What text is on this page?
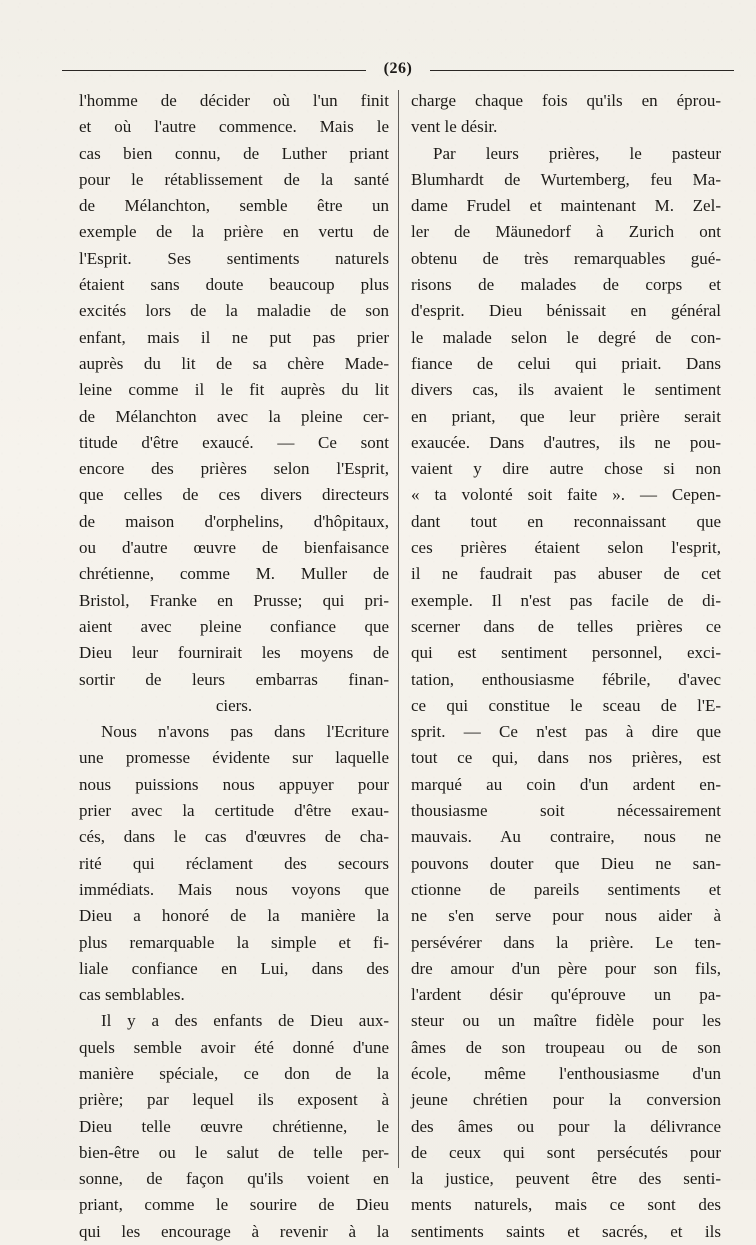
(26)
l'homme de décider où l'un finit
et où l'autre commence. Mais le
cas bien connu, de Luther priant
pour le rétablissement de la santé
de Mélanchton, semble être un
exemple de la prière en vertu de
l'Esprit. Ses sentiments naturels
étaient sans doute beaucoup plus
excités lors de la maladie de son
enfant, mais il ne put pas prier
auprès du lit de sa chère Made-
leine comme il le fit auprès du lit
de Mélanchton avec la pleine cer-
titude d'être exaucé. — Ce sont
encore des prières selon l'Esprit,
que celles de ces divers directeurs
de maison d'orphelins, d'hôpitaux,
ou d'autre œuvre de bienfaisance
chrétienne, comme M. Muller de
Bristol, Franke en Prusse; qui pri-
aient avec pleine confiance que
Dieu leur fournirait les moyens de
sortir de leurs embarras finan-
ciers.
Nous n'avons pas dans l'Ecriture
une promesse évidente sur laquelle
nous puissions nous appuyer pour
prier avec la certitude d'être exau-
cés, dans le cas d'œuvres de cha-
rité qui réclament des secours
immédiats. Mais nous voyons que
Dieu a honoré de la manière la
plus remarquable la simple et fi-
liale confiance en Lui, dans des
cas semblables.
Il y a des enfants de Dieu aux-
quels semble avoir été donné d'une
manière spéciale, ce don de la
prière; par lequel ils exposent à
Dieu telle œuvre chrétienne, le
bien-être ou le salut de telle per-
sonne, de façon qu'ils voient en
priant, comme le sourire de Dieu
qui les encourage à revenir à la
charge chaque fois qu'ils en éprou-
vent le désir.
Par leurs prières, le pasteur
Blumhardt de Wurtemberg, feu Ma-
dame Frudel et maintenant M. Zel-
ler de Mäunedorf à Zurich ont
obtenu de très remarquables gué-
risons de malades de corps et
d'esprit. Dieu bénissait en général
le malade selon le degré de con-
fiance de celui qui priait. Dans
divers cas, ils avaient le sentiment
en priant, que leur prière serait
exaucée. Dans d'autres, ils ne pou-
vaient y dire autre chose si non
« ta volonté soit faite ». — Cepen-
dant tout en reconnaissant que
ces prières étaient selon l'esprit,
il ne faudrait pas abuser de cet
exemple. Il n'est pas facile de di-
scerner dans de telles prières ce
qui est sentiment personnel, exci-
tation, enthousiasme fébrile, d'avec
ce qui constitue le sceau de l'E-
sprit. — Ce n'est pas à dire que
tout ce qui, dans nos prières, est
marqué au coin d'un ardent en-
thousiasme soit nécessairement
mauvais. Au contraire, nous ne
pouvons douter que Dieu ne san-
ctionne de pareils sentiments et
ne s'en serve pour nous aider à
persévérer dans la prière. Le ten-
dre amour d'un père pour son fils,
l'ardent désir qu'éprouve un pa-
steur ou un maître fidèle pour les
âmes de son troupeau ou de son
école, même l'enthousiasme d'un
jeune chrétien pour la conversion
des âmes ou pour la délivrance
de ceux qui sont persécutés pour
la justice, peuvent être des senti-
ments naturels, mais ce sont des
sentiments saints et sacrés, et ils
